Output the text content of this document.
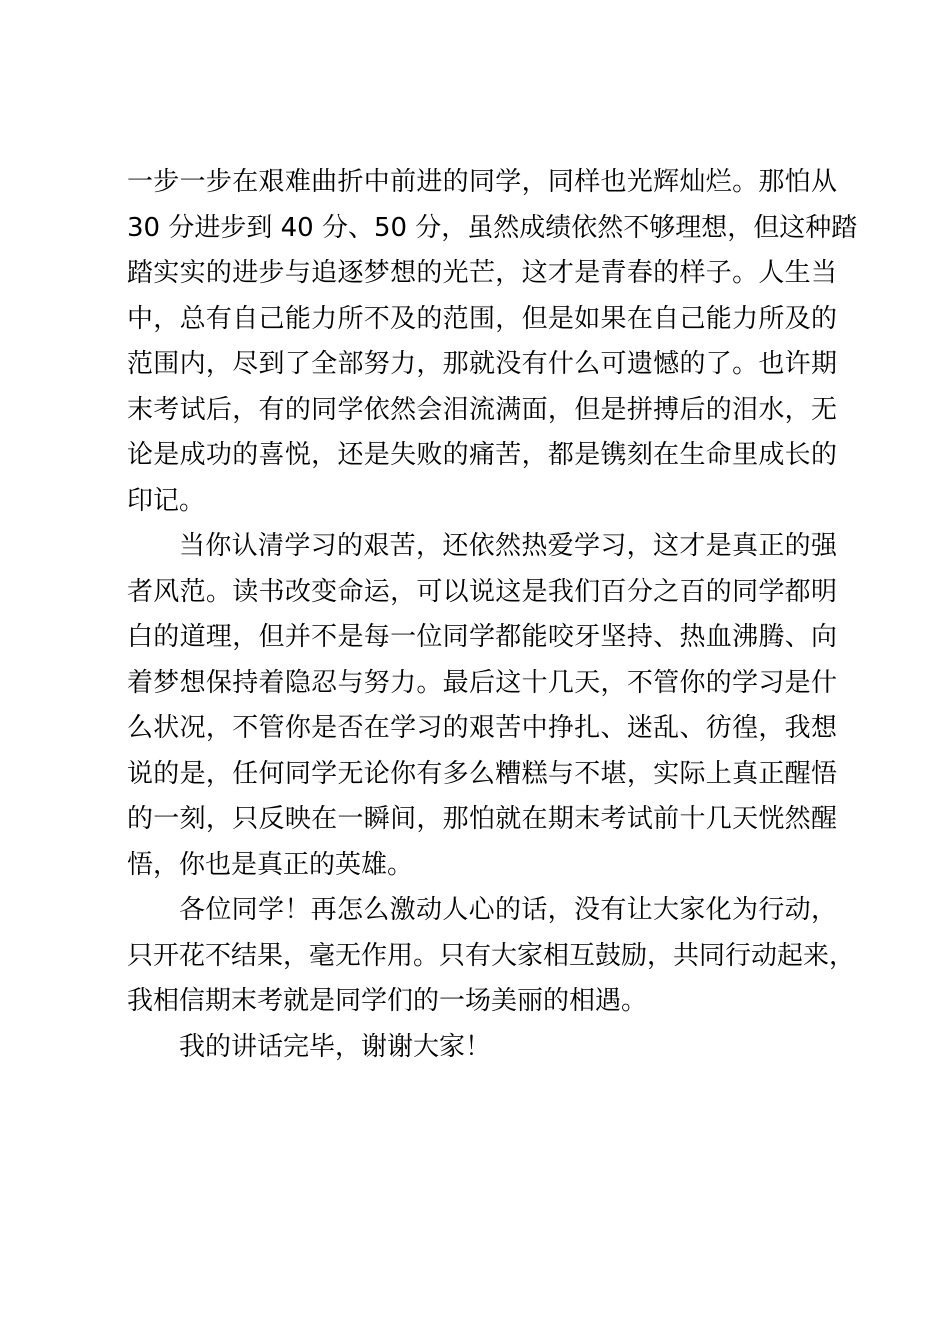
一步一步在艰难曲折中前进的同学，同样也光辉灿烂。那怕从
30 分进步到 40 分、50 分，虽然成绩依然不够理想，但这种踏
踏实实的进步与追逐梦想的光芒，这才是青春的样子。人生当
中，总有自己能力所不及的范围，但是如果在自己能力所及的
范围内，尽到了全部努力，那就没有什么可遗憾的了。也许期
末考试后，有的同学依然会泪流满面，但是拼搏后的泪水，无
论是成功的喜悦，还是失败的痛苦，都是镌刻在生命里成长的
印记。
当你认清学习的艰苦，还依然热爱学习，这才是真正的强
者风范。读书改变命运，可以说这是我们百分之百的同学都明
白的道理，但并不是每一位同学都能咬牙坚持、热血沸腾、向
着梦想保持着隐忍与努力。最后这十几天，不管你的学习是什
么状况，不管你是否在学习的艰苦中挣扎、迷乱、彷徨，我想
说的是，任何同学无论你有多么糟糕与不堪，实际上真正醒悟
的一刻，只反映在一瞬间，那怕就在期末考试前十几天恍然醒
悟，你也是真正的英雄。
各位同学！再怎么激动人心的话，没有让大家化为行动，
只开花不结果，毫无作用。只有大家相互鼓励，共同行动起来，
我相信期末考就是同学们的一场美丽的相遇。
我的讲话完毕，谢谢大家！
